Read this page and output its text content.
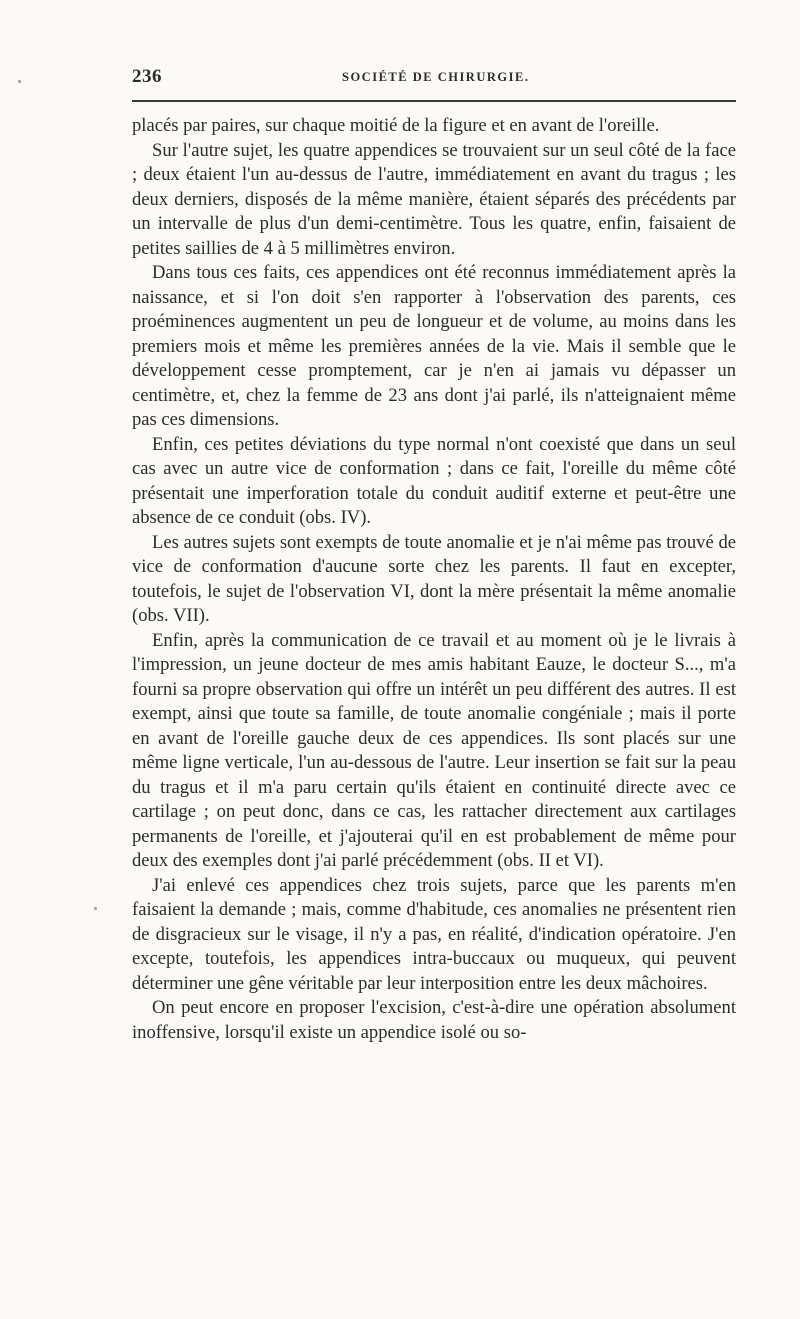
236	SOCIÉTÉ DE CHIRURGIE.

placés par paires, sur chaque moitié de la figure et en avant de l'oreille.

Sur l'autre sujet, les quatre appendices se trouvaient sur un seul côté de la face ; deux étaient l'un au-dessus de l'autre, immédiatement en avant du tragus ; les deux derniers, disposés de la même manière, étaient séparés des précédents par un intervalle de plus d'un demi-centimètre. Tous les quatre, enfin, faisaient de petites saillies de 4 à 5 millimètres environ.

Dans tous ces faits, ces appendices ont été reconnus immédiatement après la naissance, et si l'on doit s'en rapporter à l'observation des parents, ces proéminences augmentent un peu de longueur et de volume, au moins dans les premiers mois et même les premières années de la vie. Mais il semble que le développement cesse promptement, car je n'en ai jamais vu dépasser un centimètre, et, chez la femme de 23 ans dont j'ai parlé, ils n'atteignaient même pas ces dimensions.

Enfin, ces petites déviations du type normal n'ont coexisté que dans un seul cas avec un autre vice de conformation ; dans ce fait, l'oreille du même côté présentait une imperforation totale du conduit auditif externe et peut-être une absence de ce conduit (obs. IV).

Les autres sujets sont exempts de toute anomalie et je n'ai même pas trouvé de vice de conformation d'aucune sorte chez les parents. Il faut en excepter, toutefois, le sujet de l'observation VI, dont la mère présentait la même anomalie (obs. VII).

Enfin, après la communication de ce travail et au moment où je le livrais à l'impression, un jeune docteur de mes amis habitant Eauze, le docteur S..., m'a fourni sa propre observation qui offre un intérêt un peu différent des autres. Il est exempt, ainsi que toute sa famille, de toute anomalie congéniale ; mais il porte en avant de l'oreille gauche deux de ces appendices. Ils sont placés sur une même ligne verticale, l'un au-dessous de l'autre. Leur insertion se fait sur la peau du tragus et il m'a paru certain qu'ils étaient en continuité directe avec ce cartilage ; on peut donc, dans ce cas, les rattacher directement aux cartilages permanents de l'oreille, et j'ajouterai qu'il en est probablement de même pour deux des exemples dont j'ai parlé précédemment (obs. II et VI).

J'ai enlevé ces appendices chez trois sujets, parce que les parents m'en faisaient la demande ; mais, comme d'habitude, ces anomalies ne présentent rien de disgracieux sur le visage, il n'y a pas, en réalité, d'indication opératoire. J'en excepte, toutefois, les appendices intra-buccaux ou muqueux, qui peuvent déterminer une gêne véritable par leur interposition entre les deux mâchoires.

On peut encore en proposer l'excision, c'est-à-dire une opération absolument inoffensive, lorsqu'il existe un appendice isolé ou so-
